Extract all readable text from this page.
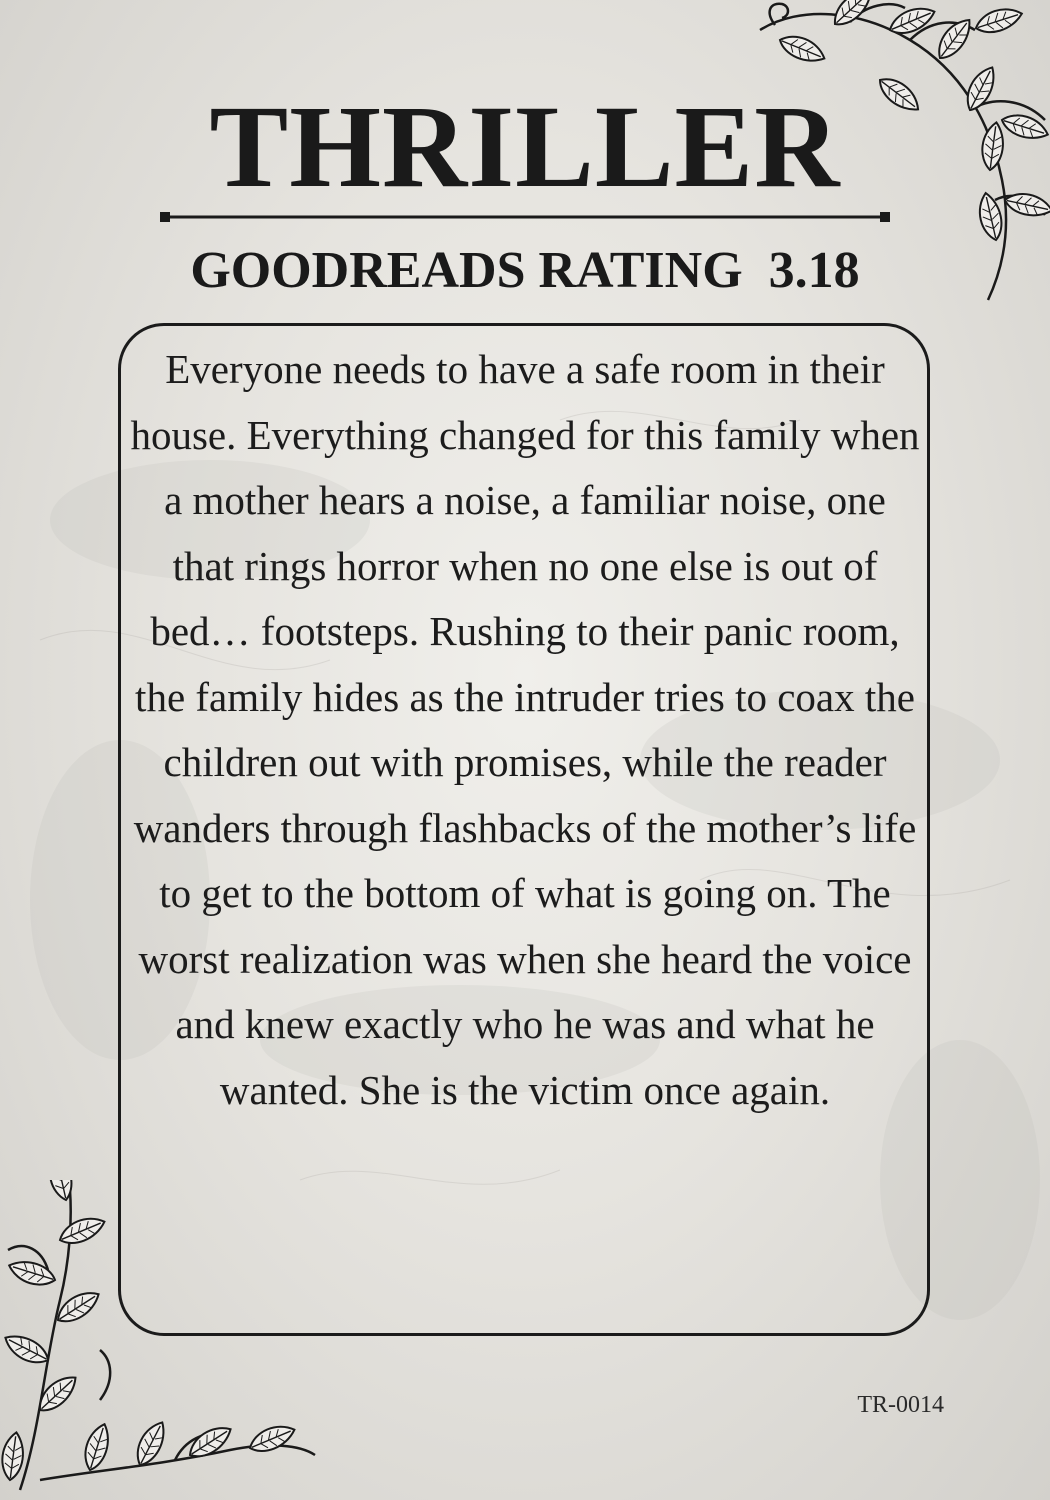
THRILLER
GOODREADS RATING 3.18

Everyone needs to have a safe room in their house. Everything changed for this family when a mother hears a noise, a familiar noise, one that rings horror when no one else is out of bed… footsteps. Rushing to their panic room, the family hides as the intruder tries to coax the children out with promises, while the reader wanders through flashbacks of the mother’s life to get to the bottom of what is going on. The worst realization was when she heard the voice and knew exactly who he was and what he wanted. She is the victim once again.

TR-0014
